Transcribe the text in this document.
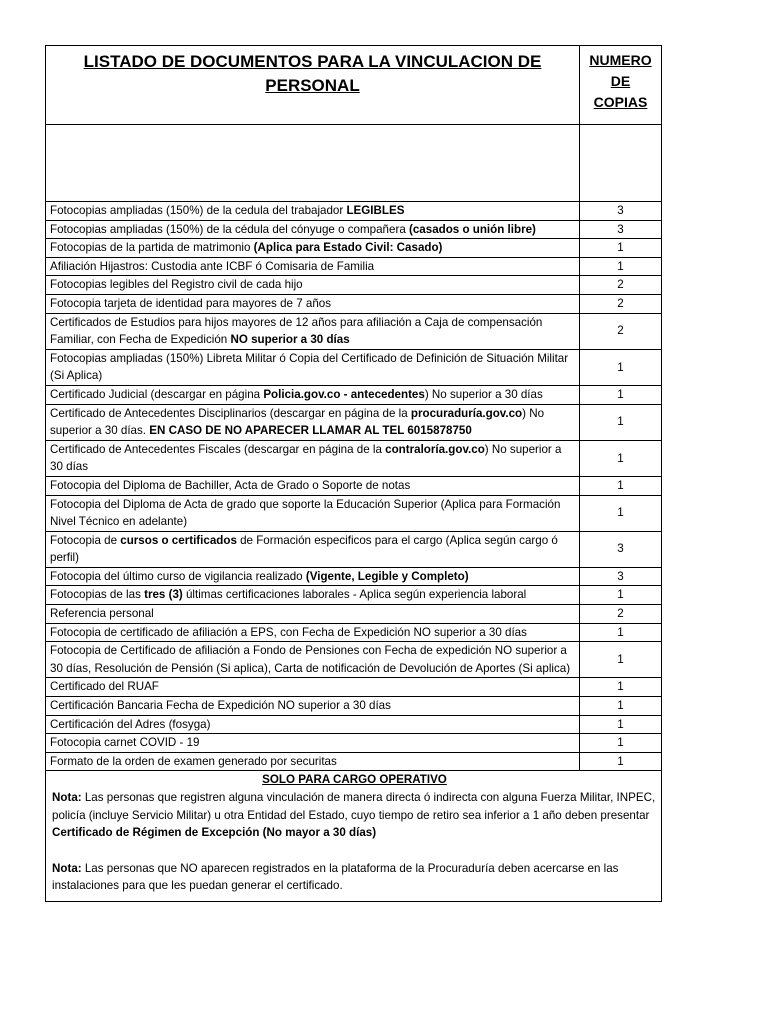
LISTADO DE DOCUMENTOS PARA LA VINCULACION DE PERSONAL	NUMERO
DE
COPIAS

Fotocopias ampliadas (150%) de la cedula del trabajador LEGIBLES	3
Fotocopias ampliadas (150%) de la cédula del cónyuge o compañera (casados o unión libre)	3
Fotocopias de la partida de matrimonio (Aplica para Estado Civil: Casado)	1
Afiliación Hijastros: Custodia ante ICBF ó Comisaria de Familia	1
Fotocopias legibles del Registro civil de cada hijo	2
Fotocopia tarjeta de identidad para mayores de 7 años	2
Certificados de Estudios para hijos mayores de 12 años para afiliación a Caja de compensación Familiar, con Fecha de Expedición NO superior a 30 días	2
Fotocopias ampliadas (150%) Libreta Militar ó Copia del Certificado de Definición de Situación Militar (Si Aplica)	1
Certificado Judicial (descargar en página Policia.gov.co - antecedentes) No superior a 30 días	1
Certificado de Antecedentes Disciplinarios (descargar en página de la procuraduría.gov.co) No superior a 30 días. EN CASO DE NO APARECER LLAMAR AL TEL 6015878750	1
Certificado de Antecedentes Fiscales (descargar en página de la contraloría.gov.co) No superior a 30 días	1
Fotocopia del Diploma de Bachiller, Acta de Grado o Soporte de notas	1
Fotocopia del Diploma de Acta de grado que soporte la Educación Superior (Aplica para Formación Nivel Técnico en adelante)	1
Fotocopia de cursos o certificados de Formación especificos para el cargo (Aplica según cargo ó perfil)	3
Fotocopia del último curso de vigilancia realizado (Vigente, Legible y Completo)	3
Fotocopias de las tres (3) últimas certificaciones laborales - Aplica según experiencia laboral	1
Referencia personal	2
Fotocopia de certificado de afiliación a EPS, con Fecha de Expedición NO superior a 30 días	1
Fotocopia de Certificado de afiliación a Fondo de Pensiones con Fecha de expedición NO superior a 30 días, Resolución de Pensión (Si aplica), Carta de notificación de Devolución de Aportes (Si aplica)	1
Certificado del RUAF	1
Certificación Bancaria Fecha de Expedición NO superior a 30 días	1
Certificación del Adres (fosyga)	1
Fotocopia carnet COVID - 19	1
Formato de la orden de examen generado por securitas	1

SOLO PARA CARGO OPERATIVO
Nota: Las personas que registren alguna vinculación de manera directa ó indirecta con alguna Fuerza Militar, INPEC, policía (incluye Servicio Militar) u otra Entidad del Estado, cuyo tiempo de retiro sea inferior a 1 año deben presentar Certificado de Régimen de Excepción (No mayor a 30 días)
Nota: Las personas que NO aparecen registrados en la plataforma de la Procuraduría deben acercarse en las instalaciones para que les puedan generar el certificado.	
